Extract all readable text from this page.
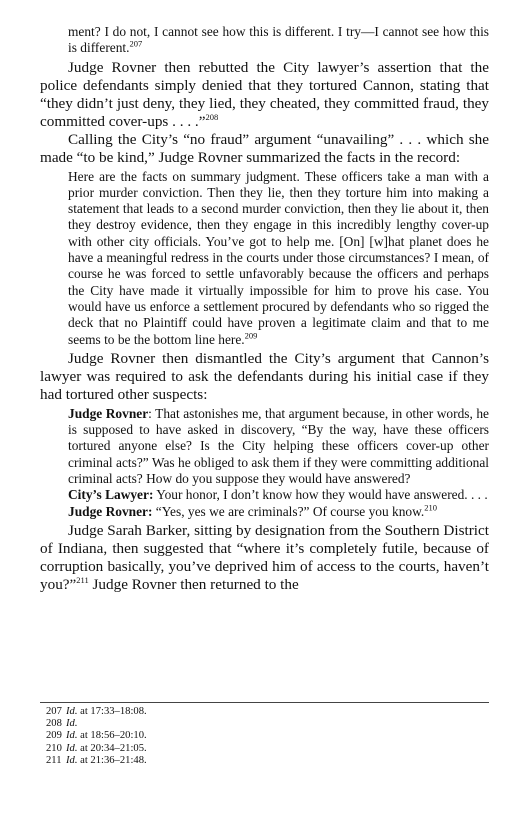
ment? I do not, I cannot see how this is different. I try—I cannot see how this is different.$^{207}$

Judge Rovner then rebutted the City lawyer’s assertion that the police defendants simply denied that they tortured Cannon, stating that “they didn’t just deny, they lied, they cheated, they committed fraud, they committed cover-ups . . . .”$^{208}$

Calling the City’s “no fraud” argument “unavailing” . . . which she made “to be kind,” Judge Rovner summarized the facts in the record:

Here are the facts on summary judgment. These officers take a man with a prior murder conviction. Then they lie, then they torture him into making a statement that leads to a second murder conviction, then they lie about it, then they destroy evidence, then they engage in this incredibly lengthy cover-up with other city officials. You’ve got to help me. [On] [w]hat planet does he have a meaningful redress in the courts under those circumstances? I mean, of course he was forced to settle unfavorably because the officers and perhaps the City have made it virtually impossible for him to prove his case. You would have us enforce a settlement procured by defendants who so rigged the deck that no Plaintiff could have proven a legitimate claim and that to me seems to be the bottom line here.$^{209}$

Judge Rovner then dismantled the City’s argument that Cannon’s lawyer was required to ask the defendants during his initial case if they had tortured other suspects:

Judge Rovner: That astonishes me, that argument because, in other words, he is supposed to have asked in discovery, “By the way, have these officers tortured anyone else? Is the City helping these officers cover-up other criminal acts?” Was he obliged to ask them if they were committing additional criminal acts? How do you suppose they would have answered?

City’s Lawyer: Your honor, I don’t know how they would have answered. . . .

Judge Rovner: “Yes, yes we are criminals?” Of course you know.$^{210}$

Judge Sarah Barker, sitting by designation from the Southern District of Indiana, then suggested that “where it’s completely futile, because of corruption basically, you’ve deprived him of access to the courts, haven’t you?”$^{211}$ Judge Rovner then returned to the

207 Id. at 17:33–18:08.

208 Id.

209 Id. at 18:56–20:10.

210 Id. at 20:34–21:05.

211 Id. at 21:36–21:48.
